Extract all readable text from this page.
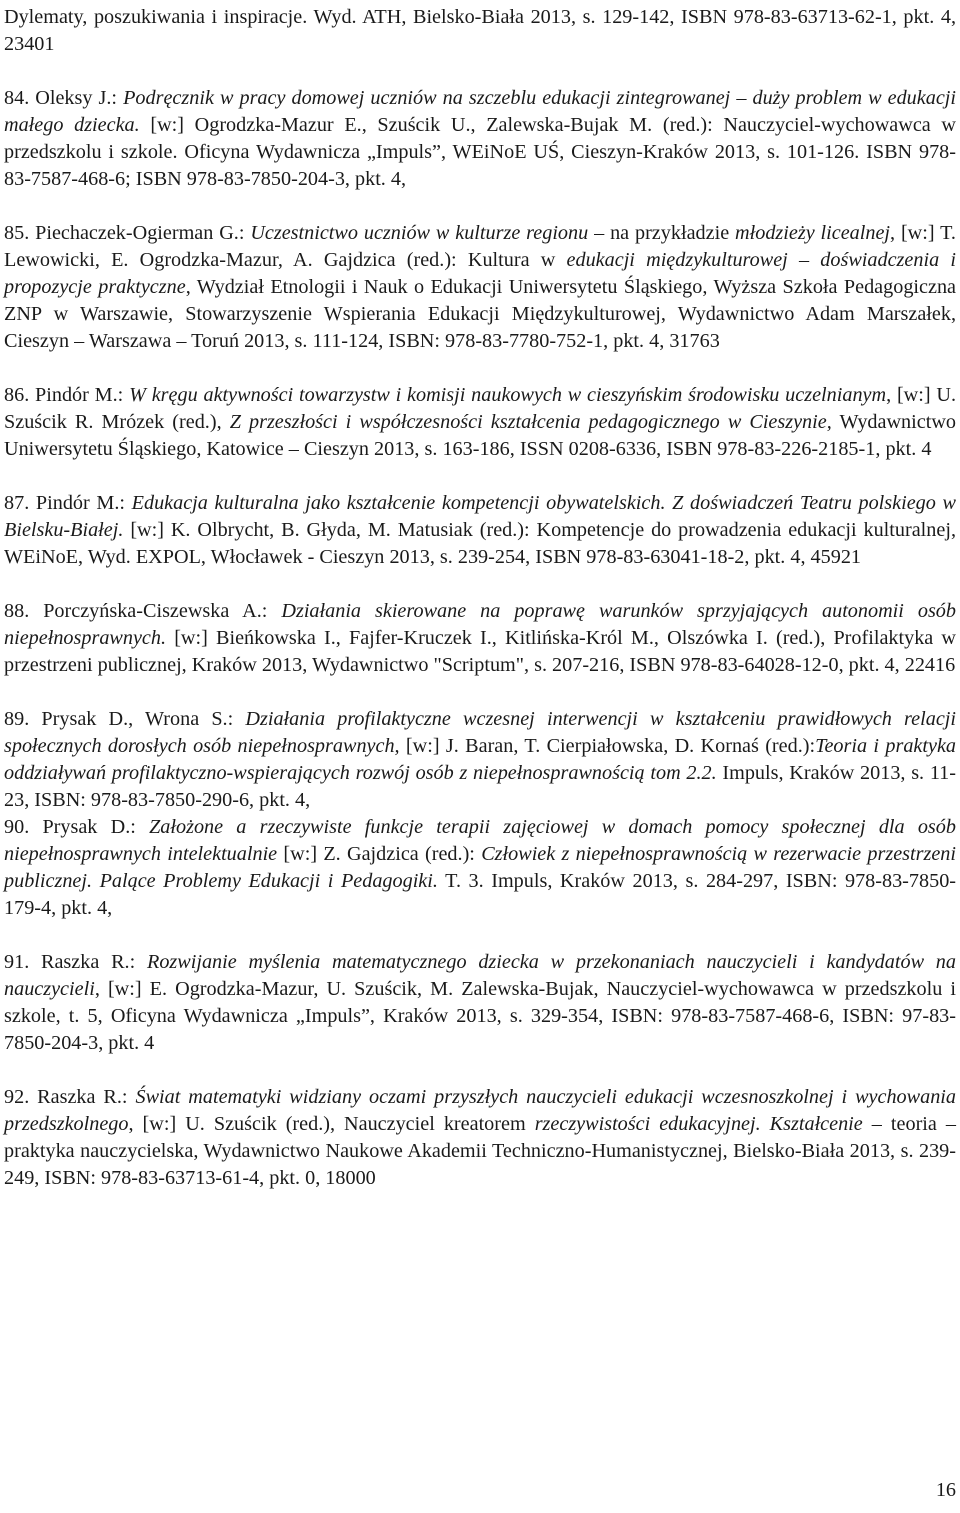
Dylematy, poszukiwania i inspiracje. Wyd. ATH, Bielsko-Biała 2013, s. 129-142, ISBN 978-83-63713-62-1, pkt. 4, 23401

84. Oleksy J.: Podręcznik w pracy domowej uczniów na szczeblu edukacji zintegrowanej – duży problem w edukacji małego dziecka. [w:] Ogrodzka-Mazur E., Szuścik U., Zalewska-Bujak M. (red.): Nauczyciel-wychowawca w przedszkolu i szkole. Oficyna Wydawnicza „Impuls”, WEiNoE UŚ, Cieszyn-Kraków 2013, s. 101-126. ISBN 978-83-7587-468-6; ISBN 978-83-7850-204-3, pkt. 4,

85. Piechaczek-Ogierman G.: Uczestnictwo uczniów w kulturze regionu – na przykładzie młodzieży licealnej, [w:] T. Lewowicki, E. Ogrodzka-Mazur, A. Gajdzica (red.): Kultura w edukacji międzykulturowej – doświadczenia i propozycje praktyczne, Wydział Etnologii i Nauk o Edukacji Uniwersytetu Śląskiego, Wyższa Szkoła Pedagogiczna ZNP w Warszawie, Stowarzyszenie Wspierania Edukacji Międzykulturowej, Wydawnictwo Adam Marszałek, Cieszyn – Warszawa – Toruń 2013, s. 111-124, ISBN: 978-83-7780-752-1, pkt. 4, 31763

86. Pindór M.: W kręgu aktywności towarzystw i komisji naukowych w cieszyńskim środowisku uczelnianym, [w:] U. Szuścik R. Mrózek (red.), Z przeszłości i współczesności kształcenia pedagogicznego w Cieszynie, Wydawnictwo Uniwersytetu Śląskiego, Katowice – Cieszyn 2013, s. 163-186, ISSN 0208-6336, ISBN 978-83-226-2185-1, pkt. 4

87. Pindór M.: Edukacja kulturalna jako kształcenie kompetencji obywatelskich. Z doświadczeń Teatru polskiego w Bielsku-Białej. [w:] K. Olbrycht, B. Głyda, M. Matusiak (red.): Kompetencje do prowadzenia edukacji kulturalnej, WEiNoE, Wyd. EXPOL, Włocławek - Cieszyn 2013, s. 239-254, ISBN 978-83-63041-18-2, pkt. 4, 45921

88. Porczyńska-Ciszewska A.: Działania skierowane na poprawę warunków sprzyjających autonomii osób niepełnosprawnych. [w:] Bieńkowska I., Fajfer-Kruczek I., Kitlińska-Król M., Olszówka I. (red.), Profilaktyka w przestrzeni publicznej, Kraków 2013, Wydawnictwo "Scriptum", s. 207-216, ISBN 978-83-64028-12-0, pkt. 4, 22416

89. Prysak D., Wrona S.: Działania profilaktyczne wczesnej interwencji w kształceniu prawidłowych relacji społecznych dorosłych osób niepełnosprawnych, [w:] J. Baran, T. Cierpiałowska, D. Kornaś (red.):Teoria i praktyka oddziaływań profilaktyczno-wspierających rozwój osób z niepełnosprawnością tom 2.2. Impuls, Kraków 2013, s. 11-23, ISBN: 978-83-7850-290-6, pkt. 4,

90. Prysak D.: Założone a rzeczywiste funkcje terapii zajęciowej w domach pomocy społecznej dla osób niepełnosprawnych intelektualnie [w:] Z. Gajdzica (red.): Człowiek z niepełnosprawnością w rezerwacie przestrzeni publicznej. Palące Problemy Edukacji i Pedagogiki. T. 3. Impuls, Kraków 2013, s. 284-297, ISBN: 978-83-7850-179-4, pkt. 4,

91. Raszka R.: Rozwijanie myślenia matematycznego dziecka w przekonaniach nauczycieli i kandydatów na nauczycieli, [w:] E. Ogrodzka-Mazur, U. Szuścik, M. Zalewska-Bujak, Nauczyciel-wychowawca w przedszkolu i szkole, t. 5, Oficyna Wydawnicza „Impuls”, Kraków 2013, s. 329-354, ISBN: 978-83-7587-468-6, ISBN: 97-83-7850-204-3, pkt. 4

92. Raszka R.: Świat matematyki widziany oczami przyszłych nauczycieli edukacji wczesnoszkolnej i wychowania przedszkolnego, [w:] U. Szuścik (red.), Nauczyciel kreatorem rzeczywistości edukacyjnej. Kształcenie – teoria – praktyka nauczycielska, Wydawnictwo Naukowe Akademii Techniczno-Humanistycznej, Bielsko-Biała 2013, s. 239-249, ISBN: 978-83-63713-61-4, pkt. 0, 18000

16
